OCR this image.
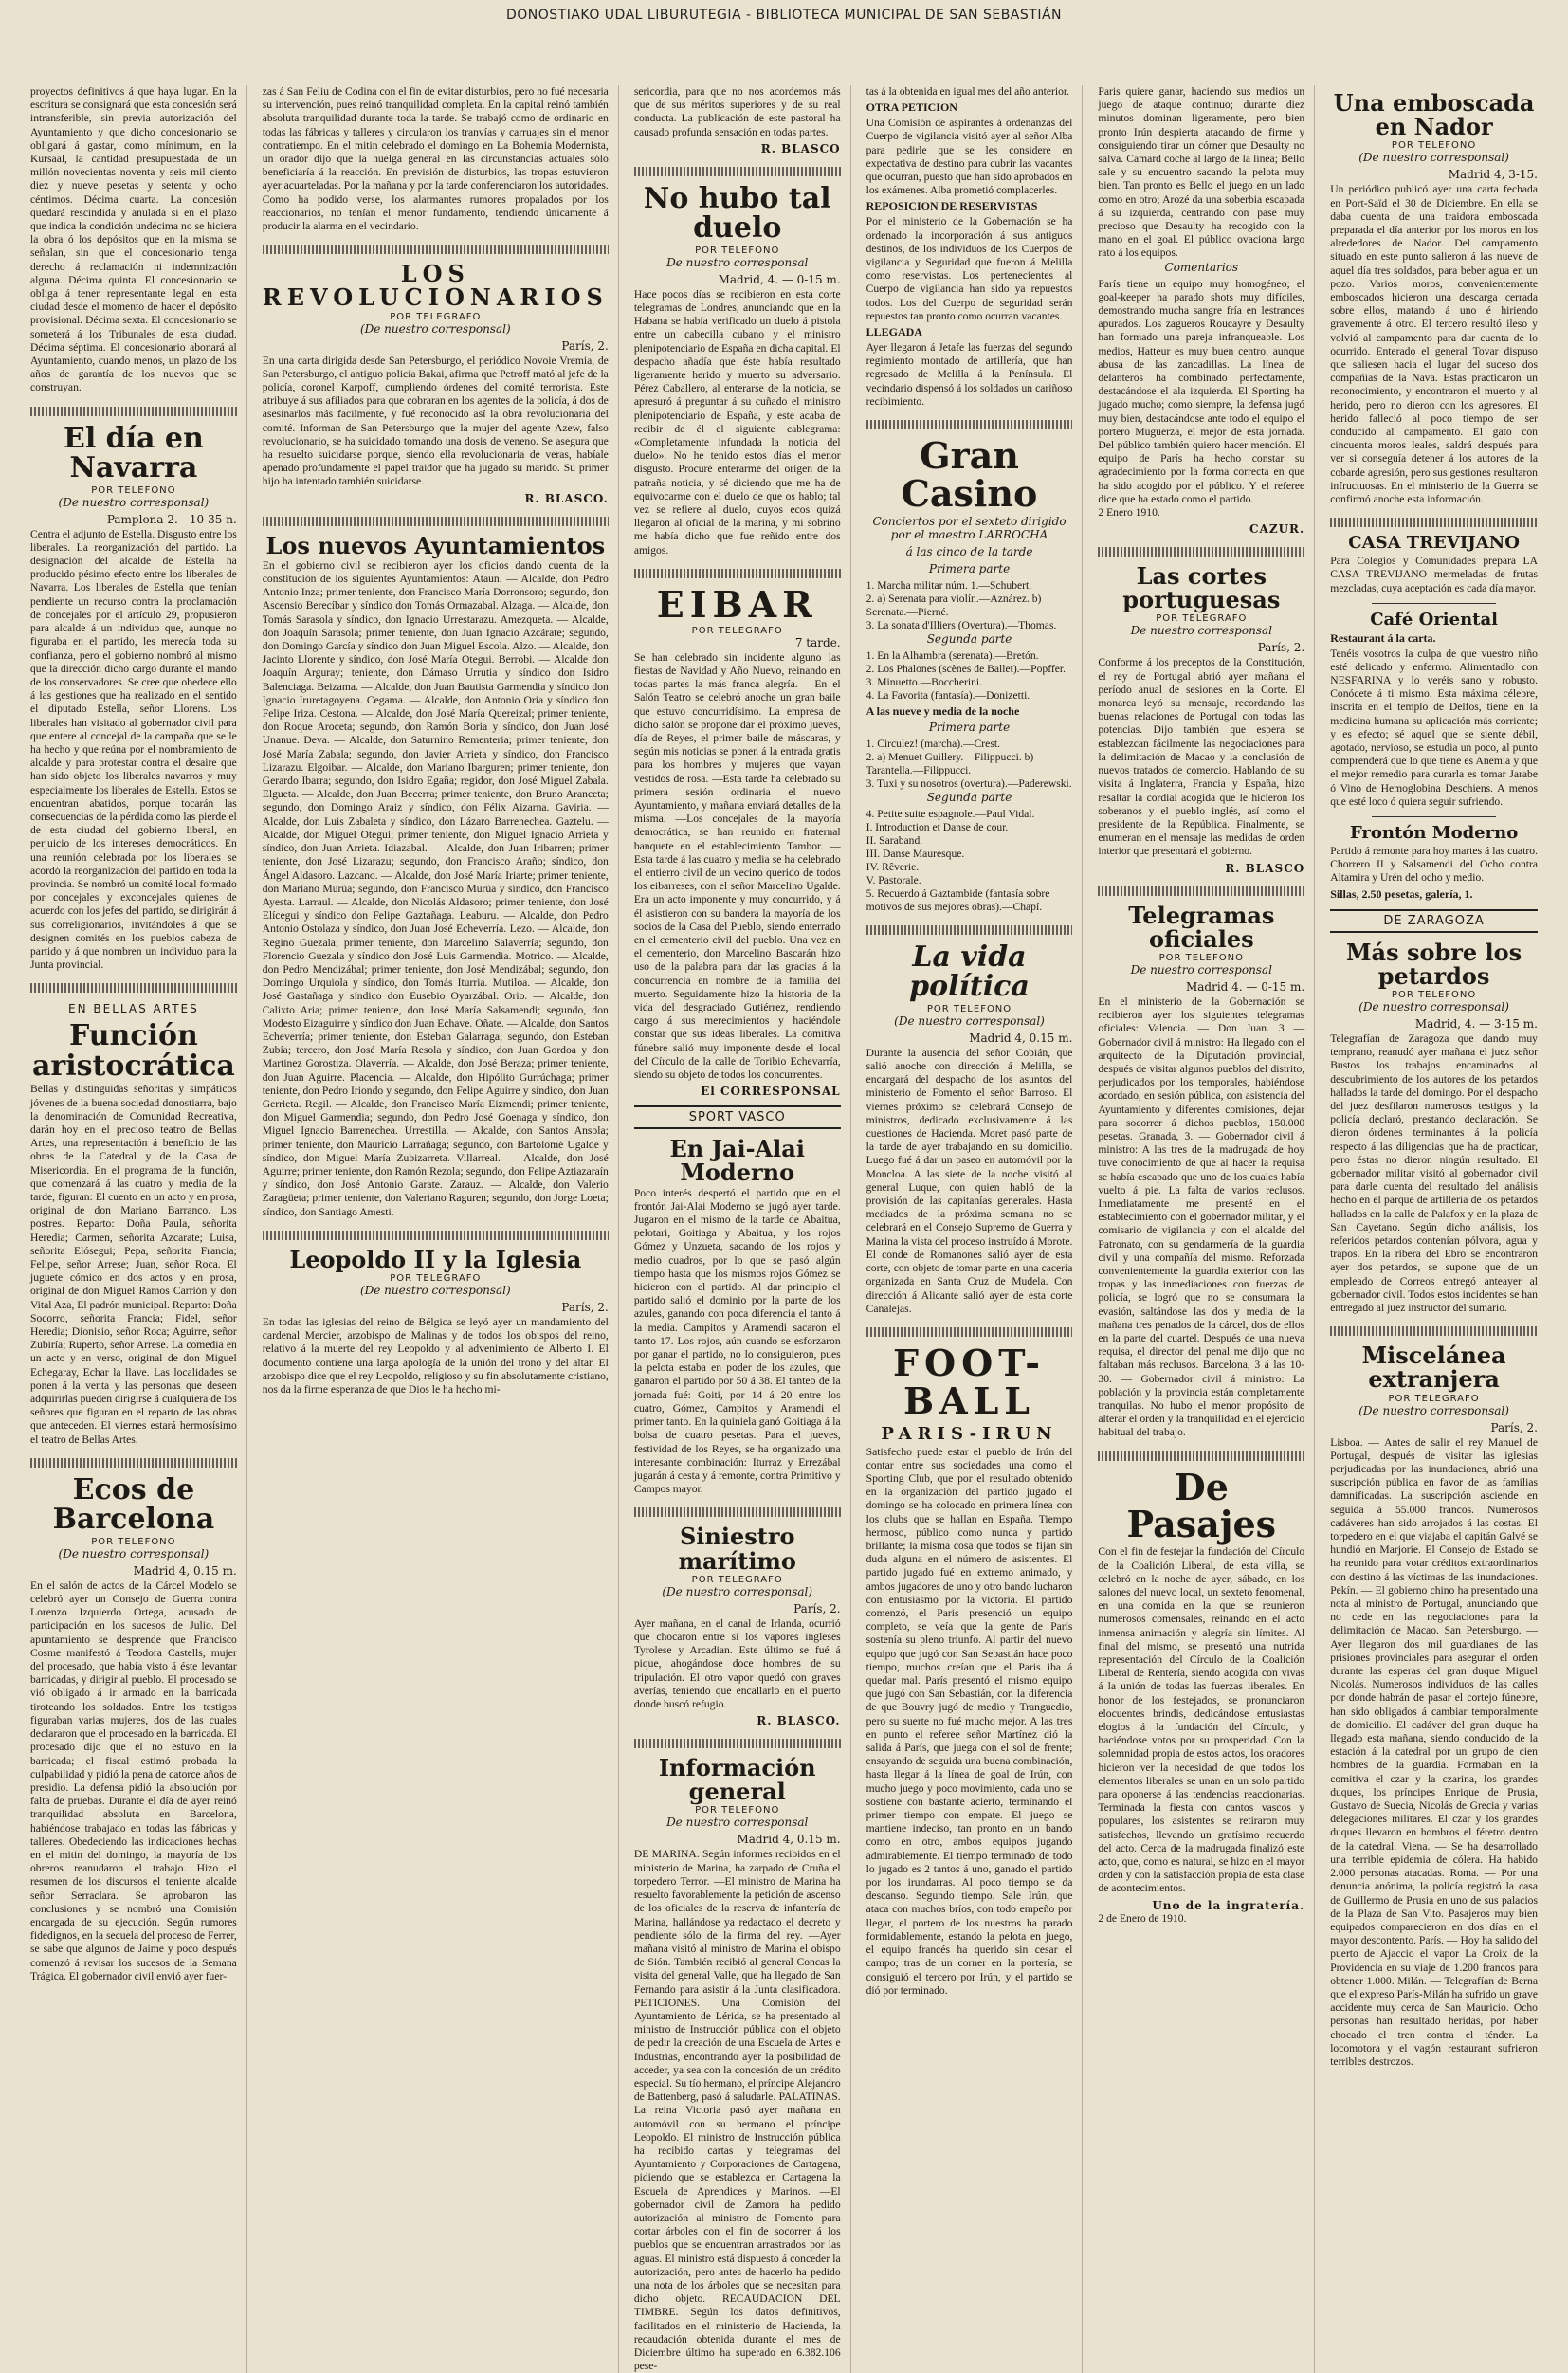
DONOSTIAKO UDAL LIBURUTEGIA - BIBLIOTECA MUNICIPAL DE SAN SEBASTIÁN

proyectos definitivos á que haya lugar. En la escritura se consignará que esta concesión será intransferible, sin previa autorización del Ayuntamiento y que dicho concesionario se obligará á gastar, como mínimum, en la Kursaal, la cantidad presupuestada de un millón novecientas noventa y seis mil ciento diez y nueve pesetas y setenta y ocho céntimos. Décima cuarta. La concesión quedará rescindida y anulada si en el plazo que indica la condición undécima no se hiciera la obra ó los depósitos que en la misma se señalan, sin que el concesionario tenga derecho á reclamación ni indemnización alguna. Décima quinta. El concesionario se obliga á tener representante legal en esta ciudad desde el momento de hacer el depósito provisional. Décima sexta. El concesionario se someterá á los Tribunales de esta ciudad. Décima séptima. El concesionario abonará al Ayuntamiento, cuando menos, un plazo de los años de garantía de los nuevos que se construyan.

El día en Navarra

POR TELEFONO

(De nuestro corresponsal)

Pamplona 2.—10-35 n.

Centra el adjunto de Estella. Disgusto entre los liberales. La reorganización del partido. La designación del alcalde de Estella ha producido pésimo efecto entre los liberales de Navarra. Los liberales de Estella que tenían pendiente un recurso contra la proclamación de concejales por el artículo 29, propusieron para alcalde á un individuo que, aunque no figuraba en el partido, les merecía toda su confianza, pero el gobierno nombró al mismo que la dirección dicho cargo durante el mando de los conservadores. Se cree que obedece ello á las gestiones que ha realizado en el sentido el diputado Estella, señor Llorens. Los liberales han visitado al gobernador civil para que entere al concejal de la campaña que se le ha hecho y que reúna por el nombramiento de alcalde y para protestar contra el desaire que han sido objeto los liberales navarros y muy especialmente los liberales de Estella. Estos se encuentran abatidos, porque tocarán las consecuencias de la pérdida como las pierde el de esta ciudad del gobierno liberal, en perjuicio de los intereses democráticos. En una reunión celebrada por los liberales se acordó la reorganización del partido en toda la provincia. Se nombró un comité local formado por concejales y exconcejales quienes de acuerdo con los jefes del partido, se dirigirán á sus correligionarios, invitándoles á que se designen comités en los pueblos cabeza de partido y á que nombren un individuo para la Junta provincial.

EN BELLAS ARTES

Función aristocrática

Bellas y distinguidas señoritas y simpáticos jóvenes de la buena sociedad donostiarra, bajo la denominación de Comunidad Recreativa, darán hoy en el precioso teatro de Bellas Artes, una representación á beneficio de las obras de la Catedral y de la Casa de Misericordia. En el programa de la función, que comenzará á las cuatro y media de la tarde, figuran: El cuento en un acto y en prosa, original de don Mariano Barranco. Los postres. Reparto: Doña Paula, señorita Heredia; Carmen, señorita Azcarate; Luisa, señorita Elósegui; Pepa, señorita Francia; Felipe, señor Arrese; Juan, señor Roca. El juguete cómico en dos actos y en prosa, original de don Miguel Ramos Carrión y don Vital Aza, El padrón municipal. Reparto: Doña Socorro, señorita Francia; Fidel, señor Heredia; Dionisio, señor Roca; Aguirre, señor Zubiría; Ruperto, señor Arrese. La comedia en un acto y en verso, original de don Miguel Echegaray, Echar la llave. Las localidades se ponen á la venta y las personas que deseen adquirirlas pueden dirigirse á cualquiera de los señores que figuran en el reparto de las obras que anteceden. El viernes estará hermosísimo el teatro de Bellas Artes.

Ecos de Barcelona

POR TELEFONO

(De nuestro corresponsal)

Madrid 4, 0.15 m.

En el salón de actos de la Cárcel Modelo se celebró ayer un Consejo de Guerra contra Lorenzo Izquierdo Ortega, acusado de participación en los sucesos de Julio. Del apuntamiento se desprende que Francisco Cosme manifestó á Teodora Castells, mujer del procesado, que había visto á éste levantar barricadas, y dirigir al pueblo. El procesado se vió obligado á ir armado en la barricada tiroteando los soldados. Entre los testigos figuraban varias mujeres, dos de las cuales declararon que el procesado en la barricada. El procesado dijo que él no estuvo en la barricada; el fiscal estimó probada la culpabilidad y pidió la pena de catorce años de presidio. La defensa pidió la absolución por falta de pruebas. Durante el día de ayer reinó tranquilidad absoluta en Barcelona, habiéndose trabajado en todas las fábricas y talleres. Obedeciendo las indicaciones hechas en el mitin del domingo, la mayoría de los obreros reanudaron el trabajo. Hizo el resumen de los discursos el teniente alcalde señor Serraclara. Se aprobaron las conclusiones y se nombró una Comisión encargada de su ejecución. Según rumores fidedignos, en la secuela del proceso de Ferrer, se sabe que algunos de Jaime y poco después comenzó á revisar los sucesos de la Semana Trágica. El gobernador civil envió ayer fuer-

zas á San Feliu de Codina con el fin de evitar disturbios, pero no fué necesaria su intervención, pues reinó tranquilidad completa. En la capital reinó también absoluta tranquilidad durante toda la tarde. Se trabajó como de ordinario en todas las fábricas y talleres y circularon los tranvías y carruajes sin el menor contratiempo. En el mitin celebrado el domingo en La Bohemia Modernista, un orador dijo que la huelga general en las circunstancias actuales sólo beneficiaría á la reacción. En previsión de disturbios, las tropas estuvieron ayer acuarteladas. Por la mañana y por la tarde conferenciaron los autoridades. Como ha podido verse, los alarmantes rumores propalados por los reaccionarios, no tenían el menor fundamento, tendiendo únicamente á producir la alarma en el vecindario.

LOS REVOLUCIONARIOS

POR TELEGRAFO

(De nuestro corresponsal)

París, 2.

En una carta dirigida desde San Petersburgo, el periódico Novoie Vremia, de San Petersburgo, el antiguo policía Bakai, afirma que Petroff mató al jefe de la policía, coronel Karpoff, cumpliendo órdenes del comité terrorista. Este atribuye á sus afiliados para que cobraran en los agentes de la policía, á dos de asesinarlos más facilmente, y fué reconocido así la obra revolucionaria del comité. Informan de San Petersburgo que la mujer del agente Azew, falso revolucionario, se ha suicidado tomando una dosis de veneno. Se asegura que ha resuelto suicidarse porque, siendo ella revolucionaria de veras, habíale apenado profundamente el papel traidor que ha jugado su marido. Su primer hijo ha intentado también suicidarse.

R. BLASCO.

Los nuevos Ayuntamientos

En el gobierno civil se recibieron ayer los oficios dando cuenta de la constitución de los siguientes Ayuntamientos: Ataun. — Alcalde, don Pedro Antonio Inza; primer teniente, don Francisco María Dorronsoro; segundo, don Ascensio Berecíbar y síndico don Tomás Ormazabal. Alzaga. — Alcalde, don Tomás Sarasola y síndico, don Ignacio Urrestarazu. Amezqueta. — Alcalde, don Joaquín Sarasola; primer teniente, don Juan Ignacio Azcárate; segundo, don Domingo García y síndico don Juan Miguel Escola. Alzo. — Alcalde, don Jacinto Llorente y síndico, don José María Otegui. Berrobi. — Alcalde don Joaquín Arguray; teniente, don Dámaso Urrutia y síndico don Isidro Balenciaga. Beizama. — Alcalde, don Juan Bautista Garmendia y síndico don Ignacio Iruretagoyena. Cegama. — Alcalde, don Antonio Oria y síndico don Felipe Iriza. Cestona. — Alcalde, don José María Quereizal; primer teniente, don Roque Aroceta; segundo, don Ramón Boria y síndico, don Juan José Unanue. Deva. — Alcalde, don Saturnino Rementeria; primer teniente, don José María Zabala; segundo, don Javier Arrieta y síndico, don Francisco Lizarazu. Elgoibar. — Alcalde, don Mariano Ibarguren; primer teniente, don Gerardo Ibarra; segundo, don Isidro Egaña; regidor, don José Miguel Zabala. Elgueta. — Alcalde, don Juan Becerra; primer teniente, don Bruno Aranceta; segundo, don Domingo Araiz y síndico, don Félix Aizarna. Gaviria. — Alcalde, don Luis Zabaleta y síndico, don Lázaro Barrenechea. Gaztelu. — Alcalde, don Miguel Otegui; primer teniente, don Miguel Ignacio Arrieta y síndico, don Juan Arrieta. Idiazabal. — Alcalde, don Juan Iribarren; primer teniente, don José Lizarazu; segundo, don Francisco Araño; síndico, don Ángel Aldasoro. Lazcano. — Alcalde, don José María Iriarte; primer teniente, don Mariano Murúa; segundo, don Francisco Murúa y síndico, don Francisco Ayesta. Larraul. — Alcalde, don Nicolás Aldasoro; primer teniente, don José Elícegui y síndico don Felipe Gaztañaga. Leaburu. — Alcalde, don Pedro Antonio Ostolaza y síndico, don Juan José Echeverría. Lezo. — Alcalde, don Regino Guezala; primer teniente, don Marcelino Salaverría; segundo, don Florencio Guezala y síndico don José Luis Garmendia. Motrico. — Alcalde, don Pedro Mendizábal; primer teniente, don José Mendizábal; segundo, don Domingo Urquiola y síndico, don Tomás Iturria. Mutiloa. — Alcalde, don José Gastañaga y síndico don Eusebio Oyarzábal. Orio. — Alcalde, don Calixto Aria; primer teniente, don José María Salsamendi; segundo, don Modesto Eizaguirre y síndico don Juan Echave. Oñate. — Alcalde, don Santos Echeverría; primer teniente, don Esteban Galarraga; segundo, don Esteban Zubía; tercero, don José María Resola y síndico, don Juan Gordoa y don Martinez Gorostiza. Olaverría. — Alcalde, don José Beraza; primer teniente, don Juan Aguirre. Placencia. — Alcalde, don Hipólito Gurrúchaga; primer teniente, don Pedro Iriondo y segundo, don Felipe Aguirre y síndico, don Juan Gerrieta. Regil. — Alcalde, don Francisco María Eizmendi; primer teniente, don Miguel Garmendia; segundo, don Pedro José Goenaga y síndico, don Miguel Ignacio Barrenechea. Urrestilla. — Alcalde, don Santos Ansola; primer teniente, don Mauricio Larrañaga; segundo, don Bartolomé Ugalde y síndico, don Miguel María Zubizarreta. Villarreal. — Alcalde, don José Aguirre; primer teniente, don Ramón Rezola; segundo, don Felipe Aztiazaraín y síndico, don José Antonio Garate. Zarauz. — Alcalde, don Valerio Zaragüeta; primer teniente, don Valeriano Raguren; segundo, don Jorge Loeta; síndico, don Santiago Amesti.

Leopoldo II y la Iglesia

POR TELEGRAFO

(De nuestro corresponsal)

París, 2.

En todas las iglesias del reino de Bélgica se leyó ayer un mandamiento del cardenal Mercier, arzobispo de Malinas y de todos los obispos del reino, relativo á la muerte del rey Leopoldo y al advenimiento de Alberto I. El documento contiene una larga apología de la unión del trono y del altar. El arzobispo dice que el rey Leopoldo, religioso y su fin absolutamente cristiano, nos da la firme esperanza de que Dios le ha hecho mi-

sericordia, para que no nos acordemos más que de sus méritos superiores y de su real conducta. La publicación de este pastoral ha causado profunda sensación en todas partes.

R. BLASCO

No hubo tal duelo

POR TELEFONO

De nuestro corresponsal

Madrid, 4. — 0-15 m.

Hace pocos días se recibieron en esta corte telegramas de Londres, anunciando que en la Habana se había verificado un duelo á pistola entre un cabecilla cubano y el ministro plenipotenciario de España en dicha capital. El despacho añadía que éste había resultado ligeramente herido y muerto su adversario. Pérez Caballero, al enterarse de la noticia, se apresuró á preguntar á su cuñado el ministro plenipotenciario de España, y este acaba de recibir de él el siguiente cablegrama: «Completamente infundada la noticia del duelo». No he tenido estos días el menor disgusto. Procuré enterarme del origen de la patraña noticia, y sé diciendo que me ha de equivocarme con el duelo de que os hablo; tal vez se refiere al duelo, cuyos ecos quizá llegaron al oficial de la marina, y mi sobrino me había dicho que fue reñido entre dos amigos.

EIBAR

POR TELEGRAFO

7 tarde.

Se han celebrado sin incidente alguno las fiestas de Navidad y Año Nuevo, reinando en todas partes la más franca alegría. —En el Salón Teatro se celebró anoche un gran baile que estuvo concurridísimo. La empresa de dicho salón se propone dar el próximo jueves, día de Reyes, el primer baile de máscaras, y según mis noticias se ponen á la entrada gratis para los hombres y mujeres que vayan vestidos de rosa. —Esta tarde ha celebrado su primera sesión ordinaria el nuevo Ayuntamiento, y mañana enviará detalles de la misma. —Los concejales de la mayoría democrática, se han reunido en fraternal banquete en el establecimiento Tambor. —Esta tarde á las cuatro y media se ha celebrado el entierro civil de un vecino querido de todos los eibarreses, con el señor Marcelino Ugalde. Era un acto imponente y muy concurrido, y á él asistieron con su bandera la mayoría de los socios de la Casa del Pueblo, siendo enterrado en el cementerio civil del pueblo. Una vez en el cementerio, don Marcelino Bascarán hizo uso de la palabra para dar las gracias á la concurrencia en nombre de la familia del muerto. Seguidamente hizo la historia de la vida del desgraciado Gutiérrez, rendiendo cargo á sus merecimientos y haciéndole constar que sus ideas liberales. La comitiva fúnebre salió muy imponente desde el local del Círculo de la calle de Toribio Echevarría, siendo su objeto de todos los concurrentes.

El CORRESPONSAL

SPORT VASCO
En Jai-Alai Moderno

Poco interés despertó el partido que en el frontón Jai-Alai Moderno se jugó ayer tarde. Jugaron en el mismo de la tarde de Abaitua, pelotari, Goitiaga y Abaitua, y los rojos Gómez y Unzueta, sacando de los rojos y medio cuadros, por lo que se pasó algún tiempo hasta que los mismos rojos Gómez se hicieron con el partido. Al dar principio el partido salió el dominio por la parte de los azules, ganando con poca diferencia el tanto á la media. Campitos y Aramendi sacaron el tanto 17. Los rojos, aún cuando se esforzaron por ganar el partido, no lo consiguieron, pues la pelota estaba en poder de los azules, que ganaron el partido por 50 á 38. El tanteo de la jornada fué: Goiti, por 14 á 20 entre los cuatro, Gómez, Campitos y Aramendi el primer tanto. En la quiniela ganó Goitiaga á la bolsa de cuatro pesetas. Para el jueves, festividad de los Reyes, se ha organizado una interesante combinación: Iturraz y Errezábal jugarán á cesta y á remonte, contra Primitivo y Campos mayor.

Siniestro marítimo

POR TELEGRAFO

(De nuestro corresponsal)

París, 2.

Ayer mañana, en el canal de Irlanda, ocurrió que chocaron entre sí los vapores ingleses Tyrolese y Arcadian. Este último se fué á pique, ahogándose doce hombres de su tripulación. El otro vapor quedó con graves averías, teniendo que encallarlo en el puerto donde buscó refugio.

R. BLASCO.

Información general

POR TELEFONO

De nuestro corresponsal

Madrid 4, 0.15 m.

DE MARINA. Según informes recibidos en el ministerio de Marina, ha zarpado de Cruña el torpedero Terror. —El ministro de Marina ha resuelto favorablemente la petición de ascenso de los oficiales de la reserva de infantería de Marina, hallándose ya redactado el decreto y pendiente sólo de la firma del rey. —Ayer mañana visitó al ministro de Marina el obispo de Sión. También recibió al general Concas la visita del general Valle, que ha llegado de San Fernando para asistir á la Junta clasificadora. PETICIONES. Una Comisión del Ayuntamiento de Lérida, se ha presentado al ministro de Instrucción pública con el objeto de pedir la creación de una Escuela de Artes e Industrias, encontrando ayer la posibilidad de acceder, ya sea con la concesión de un crédito especial. Su tío hermano, el príncipe Alejandro de Battenberg, pasó á saludarle. PALATINAS. La reina Victoria pasó ayer mañana en automóvil con su hermano el príncipe Leopoldo. El ministro de Instrucción pública ha recibido cartas y telegramas del Ayuntamiento y Corporaciones de Cartagena, pidiendo que se establezca en Cartagena la Escuela de Aprendices y Marinos. —El gobernador civil de Zamora ha pedido autorización al ministro de Fomento para cortar árboles con el fin de socorrer á los pueblos que se encuentran arrastrados por las aguas. El ministro está dispuesto á conceder la autorización, pero antes de hacerlo ha pedido una nota de los árboles que se necesitan para dicho objeto. RECAUDACION DEL TIMBRE. Según los datos definitivos, facilitados en el ministerio de Hacienda, la recaudación obtenida durante el mes de Diciembre último ha superado en 6.382.106 pese-

tas á la obtenida en igual mes del año anterior.

OTRA PETICION

Una Comisión de aspirantes á ordenanzas del Cuerpo de vigilancia visitó ayer al señor Alba para pedirle que se les considere en expectativa de destino para cubrir las vacantes que ocurran, puesto que han sido aprobados en los exámenes. Alba prometió complacerles.

REPOSICION DE RESERVISTAS

Por el ministerio de la Gobernación se ha ordenado la incorporación á sus antiguos destinos, de los individuos de los Cuerpos de vigilancia y Seguridad que fueron á Melilla como reservistas. Los pertenecientes al Cuerpo de vigilancia han sido ya repuestos todos. Los del Cuerpo de seguridad serán repuestos tan pronto como ocurran vacantes.

LLEGADA

Ayer llegaron á Jetafe las fuerzas del segundo regimiento montado de artillería, que han regresado de Melilla á la Península. El vecindario dispensó á los soldados un cariñoso recibimiento.

Gran Casino

Conciertos por el sexteto dirigido por el maestro LARROCHA

á las cinco de la tarde

Primera parte

1. Marcha militar núm. 1.—Schubert.

2. a) Serenata para violín.—Aznárez. b) Serenata.—Pierné.

3. La sonata d'Illiers (Overtura).—Thomas.

Segunda parte

1. En la Alhambra (serenata).—Bretón.

2. Los Phalones (scènes de Ballet).—Popffer.

3. Minuetto.—Boccherini.

4. La Favorita (fantasía).—Donizetti.

A las nueve y media de la noche

Primera parte

1. Circulez! (marcha).—Crest.

2. a) Menuet Guillery.—Filippucci. b) Tarantella.—Filippucci.

3. Tuxi y su nosotros (overtura).—Paderewski.

Segunda parte

4. Petite suite espagnole.—Paul Vidal.

I. Introduction et Danse de cour.

II. Saraband.

III. Danse Mauresque.

IV. Rêverie.

V. Pastorale.

5. Recuerdo á Gaztambide (fantasía sobre motivos de sus mejores obras).—Chapí.

La vida política

POR TELEFONO

(De nuestro corresponsal)

Madrid 4, 0.15 m.

Durante la ausencia del señor Cobián, que salió anoche con dirección á Melilla, se encargará del despacho de los asuntos del ministerio de Fomento el señor Barroso. El viernes próximo se celebrará Consejo de ministros, dedicado exclusivamente á las cuestiones de Hacienda. Moret pasó parte de la tarde de ayer trabajando en su domicilio. Luego fué á dar un paseo en automóvil por la Moncloa. A las siete de la noche visitó al general Luque, con quien habló de la provisión de las capitanías generales. Hasta mediados de la próxima semana no se celebrará en el Consejo Supremo de Guerra y Marina la vista del proceso instruído á Morote. El conde de Romanones salió ayer de esta corte, con objeto de tomar parte en una cacería organizada en Santa Cruz de Mudela. Con dirección á Alicante salió ayer de esta corte Canalejas.

FOOT-BALL
PARIS-IRUN

Satisfecho puede estar el pueblo de Irún del contar entre sus sociedades una como el Sporting Club, que por el resultado obtenido en la organización del partido jugado el domingo se ha colocado en primera línea con los clubs que se hallan en España. Tiempo hermoso, público como nunca y partido brillante; la misma cosa que todos se fijan sin duda alguna en el número de asistentes. El partido jugado fué en extremo animado, y ambos jugadores de uno y otro bando lucharon con entusiasmo por la victoria. El partido comenzó, el Paris presenció un equipo completo, se veía que la gente de París sostenía su pleno triunfo. Al partir del nuevo equipo que jugó con San Sebastián hace poco tiempo, muchos creían que el Paris iba á quedar mal. París presentó el mismo equipo que jugó con San Sebastián, con la diferencia de que Bouvry jugó de medio y Tranguedio, pero su suerte no fué mucho mejor. A las tres en punto el referee señor Martínez dió la salida á París, que juega con el sol de frente; ensayando de seguida una buena combinación, hasta llegar á la línea de goal de Irún, con mucho juego y poco movimiento, cada uno se sostiene con bastante acierto, terminando el primer tiempo con empate. El juego se mantiene indeciso, tan pronto en un bando como en otro, ambos equipos jugando admirablemente. El tiempo terminado de todo lo jugado es 2 tantos á uno, ganado el partido por los irundarras. Al poco tiempo se da descanso. Segundo tiempo. Sale Irún, que ataca con muchos bríos, con todo empeño por llegar, el portero de los nuestros ha parado formidablemente, estando la pelota en juego, el equipo francés ha querido sin cesar el campo; tras de un corner en la portería, se consiguió el tercero por Irún, y el partido se dió por terminado.

Paris quiere ganar, haciendo sus medios un juego de ataque continuo; durante diez minutos dominan ligeramente, pero bien pronto Irún despierta atacando de firme y consiguiendo tirar un córner que Desaulty no salva. Camard coche al largo de la línea; Bello sale y su encuentro sacando la pelota muy bien. Tan pronto es Bello el juego en un lado como en otro; Arozé da una soberbia escapada á su izquierda, centrando con pase muy precioso que Desaulty ha recogido con la mano en el goal. El público ovaciona largo rato á los equipos.

Comentarios

París tiene un equipo muy homogéneo; el goal-keeper ha parado shots muy difíciles, demostrando mucha sangre fría en lestrances apurados. Los zagueros Roucayre y Desaulty han formado una pareja infranqueable. Los medios, Hatteur es muy buen centro, aunque abusa de las zancadillas. La línea de delanteros ha combinado perfectamente, destacándose el ala izquierda. El Sporting ha jugado mucho; como siempre, la defensa jugó muy bien, destacándose ante todo el equipo el portero Muguerza, el mejor de esta jornada. Del público también quiero hacer mención. El equipo de París ha hecho constar su agradecimiento por la forma correcta en que ha sido acogido por el público. Y el referee dice que ha estado como el partido.

2 Enero 1910.

CAZUR.

Las cortes portuguesas

POR TELEGRAFO

De nuestro corresponsal

París, 2.

Conforme á los preceptos de la Constitución, el rey de Portugal abrió ayer mañana el período anual de sesiones en la Corte. El monarca leyó su mensaje, recordando las buenas relaciones de Portugal con todas las potencias. Dijo también que espera se establezcan fácilmente las negociaciones para la delimitación de Macao y la conclusión de nuevos tratados de comercio. Hablando de su visita á Inglaterra, Francia y España, hizo resaltar la cordial acogida que le hicieron los soberanos y el pueblo inglés, así como el presidente de la República. Finalmente, se enumeran en el mensaje las medidas de orden interior que presentará el gobierno.

R. BLASCO

Telegramas oficiales

POR TELEFONO

De nuestro corresponsal

Madrid 4. — 0-15 m.

En el ministerio de la Gobernación se recibieron ayer los siguientes telegramas oficiales: Valencia. — Don Juan. 3 — Gobernador civil á ministro: Ha llegado con el arquitecto de la Diputación provincial, después de visitar algunos pueblos del distrito, perjudicados por los temporales, habiéndose acordado, en sesión pública, con asistencia del Ayuntamiento y diferentes comisiones, dejar para socorrer á dichos pueblos, 150.000 pesetas. Granada, 3. — Gobernador civil á ministro: A las tres de la madrugada de hoy tuve conocimiento de que al hacer la requisa se había escapado que uno de los cuales había vuelto á pie. La falta de varios reclusos. Inmediatamente me presenté en el establecimiento con el gobernador militar, y el comisario de vigilancia y con el alcalde del Patronato, con su gendarmería de la guardia civil y una compañía del mismo. Reforzada convenientemente la guardia exterior con las tropas y las inmediaciones con fuerzas de policía, se logró que no se consumara la evasión, saltándose las dos y media de la mañana tres penados de la cárcel, dos de ellos en la parte del cuartel. Después de una nueva requisa, el director del penal me dijo que no faltaban más reclusos. Barcelona, 3 á las 10-30. — Gobernador civil á ministro: La población y la provincia están completamente tranquilas. No hubo el menor propósito de alterar el orden y la tranquilidad en el ejercicio habitual del trabajo.

De Pasajes

Con el fin de festejar la fundación del Círculo de la Coalición Liberal, de esta villa, se celebró en la noche de ayer, sábado, en los salones del nuevo local, un sexteto fenomenal, en una comida en la que se reunieron numerosos comensales, reinando en el acto inmensa animación y alegría sin límites. Al final del mismo, se presentó una nutrida representación del Círculo de la Coalición Liberal de Rentería, siendo acogida con vivas á la unión de todas las fuerzas liberales. En honor de los festejados, se pronunciaron elocuentes brindis, dedicándose entusiastas elogios á la fundación del Círculo, y haciéndose votos por su prosperidad. Con la solemnidad propia de estos actos, los oradores hicieron ver la necesidad de que todos los elementos liberales se unan en un solo partido para oponerse á las tendencias reaccionarias. Terminada la fiesta con cantos vascos y populares, los asistentes se retiraron muy satisfechos, llevando un gratísimo recuerdo del acto. Cerca de la madrugada finalizó este acto, que, como es natural, se hizo en el mayor orden y con la satisfacción propia de esta clase de acontecimientos.

Uno de la ingratería.

2 de Enero de 1910.

Una emboscada en Nador

POR TELEFONO

(De nuestro corresponsal)

Madrid 4, 3-15.

Un periódico publicó ayer una carta fechada en Port-Saïd el 30 de Diciembre. En ella se daba cuenta de una traidora emboscada preparada el día anterior por los moros en los alrededores de Nador. Del campamento situado en este punto salieron á las nueve de aquel día tres soldados, para beber agua en un pozo. Varios moros, convenientemente emboscados hicieron una descarga cerrada sobre ellos, matando á uno é hiriendo gravemente á otro. El tercero resultó ileso y volvió al campamento para dar cuenta de lo ocurrido. Enterado el general Tovar dispuso que saliesen hacia el lugar del suceso dos compañías de la Nava. Estas practicaron un reconocimiento, y encontraron el muerto y al herido, pero no dieron con los agresores. El herido falleció al poco tiempo de ser conducido al campamento. El gato con cincuenta moros leales, saldrá después para ver si conseguía detener á los autores de la cobarde agresión, pero sus gestiones resultaron infructuosas. En el ministerio de la Guerra se confirmó anoche esta información.

CASA TREVIJANO

Para Colegios y Comunidades prepara LA CASA TREVIJANO mermeladas de frutas mezcladas, cuya aceptación es cada día mayor.

Café Oriental

Restaurant á la carta.

Tenéis vosotros la culpa de que vuestro niño esté delicado y enfermo. Alimentadlo con NESFARINA y lo veréis sano y robusto. Conócete á ti mismo. Esta máxima célebre, inscrita en el templo de Delfos, tiene en la medicina humana su aplicación más corriente; y es efecto; sé aquel que se siente débil, agotado, nervioso, se estudia un poco, al punto comprenderá que lo que tiene es Anemia y que el mejor remedio para curarla es tomar Jarabe ó Vino de Hemoglobina Deschiens. A menos que esté loco ó quiera seguir sufriendo.

Frontón Moderno

Partido á remonte para hoy martes á las cuatro. Chorrero II y Salsamendi del Ocho contra Altamira y Urén del ocho y medio.

Sillas, 2.50 pesetas, galería, 1.

DE ZARAGOZA
Más sobre los petardos

POR TELEFONO

(De nuestro corresponsal)

Madrid, 4. — 3-15 m.

Telegrafían de Zaragoza que dando muy temprano, reanudó ayer mañana el juez señor Bustos los trabajos encaminados al descubrimiento de los autores de los petardos hallados la tarde del domingo. Por el despacho del juez desfilaron numerosos testigos y la policía declaró, prestando declaración. Se dieron órdenes terminantes á la policía respecto á las diligencias que ha de practicar, pero éstas no dieron ningún resultado. El gobernador militar visitó al gobernador civil para darle cuenta del resultado del análisis hecho en el parque de artillería de los petardos hallados en la calle de Palafox y en la plaza de San Cayetano. Según dicho análisis, los referidos petardos contenían pólvora, agua y trapos. En la ribera del Ebro se encontraron ayer dos petardos, se supone que de un empleado de Correos entregó anteayer al gobernador civil. Todos estos incidentes se han entregado al juez instructor del sumario.

Miscelánea extranjera

POR TELEGRAFO

(De nuestro corresponsal)

París, 2.

Lisboa. — Antes de salir el rey Manuel de Portugal, después de visitar las iglesias perjudicadas por las inundaciones, abrió una suscripción pública en favor de las familias damnificadas. La suscripción asciende en seguida á 55.000 francos. Numerosos cadáveres han sido arrojados á las costas. El torpedero en el que viajaba el capitán Galvé se hundió en Marjorie. El Consejo de Estado se ha reunido para votar créditos extraordinarios con destino á las víctimas de las inundaciones. Pekín. — El gobierno chino ha presentado una nota al ministro de Portugal, anunciando que no cede en las negociaciones para la delimitación de Macao. San Petersburgo. — Ayer llegaron dos mil guardianes de las prisiones provinciales para asegurar el orden durante las esperas del gran duque Miguel Nicolás. Numerosos individuos de las calles por donde habrán de pasar el cortejo fúnebre, han sido obligados á cambiar temporalmente de domicilio. El cadáver del gran duque ha llegado esta mañana, siendo conducido de la estación á la catedral por un grupo de cien hombres de la guardia. Formaban en la comitiva el czar y la czarina, los grandes duques, los príncipes Enrique de Prusia, Gustavo de Suecia, Nicolás de Grecia y varias delegaciones militares. El czar y los grandes duques llevaron en hombros el féretro dentro de la catedral. Viena. — Se ha desarrollado una terrible epidemia de cólera. Ha habido 2.000 personas atacadas. Roma. — Por una denuncia anónima, la policía registró la casa de Guillermo de Prusia en uno de sus palacios de la Plaza de San Vito. Pasajeros muy bien equipados comparecieron en dos días en el mayor descontento. París. — Hoy ha salido del puerto de Ajaccio el vapor La Croix de la Providencia en su viaje de 1.200 francos para obtener 1.000. Milán. — Telegrafían de Berna que el expreso París-Milán ha sufrido un grave accidente muy cerca de San Mauricio. Ocho personas han resultado heridas, por haber chocado el tren contra el ténder. La locomotora y el vagón restaurant sufrieron terribles destrozos.
